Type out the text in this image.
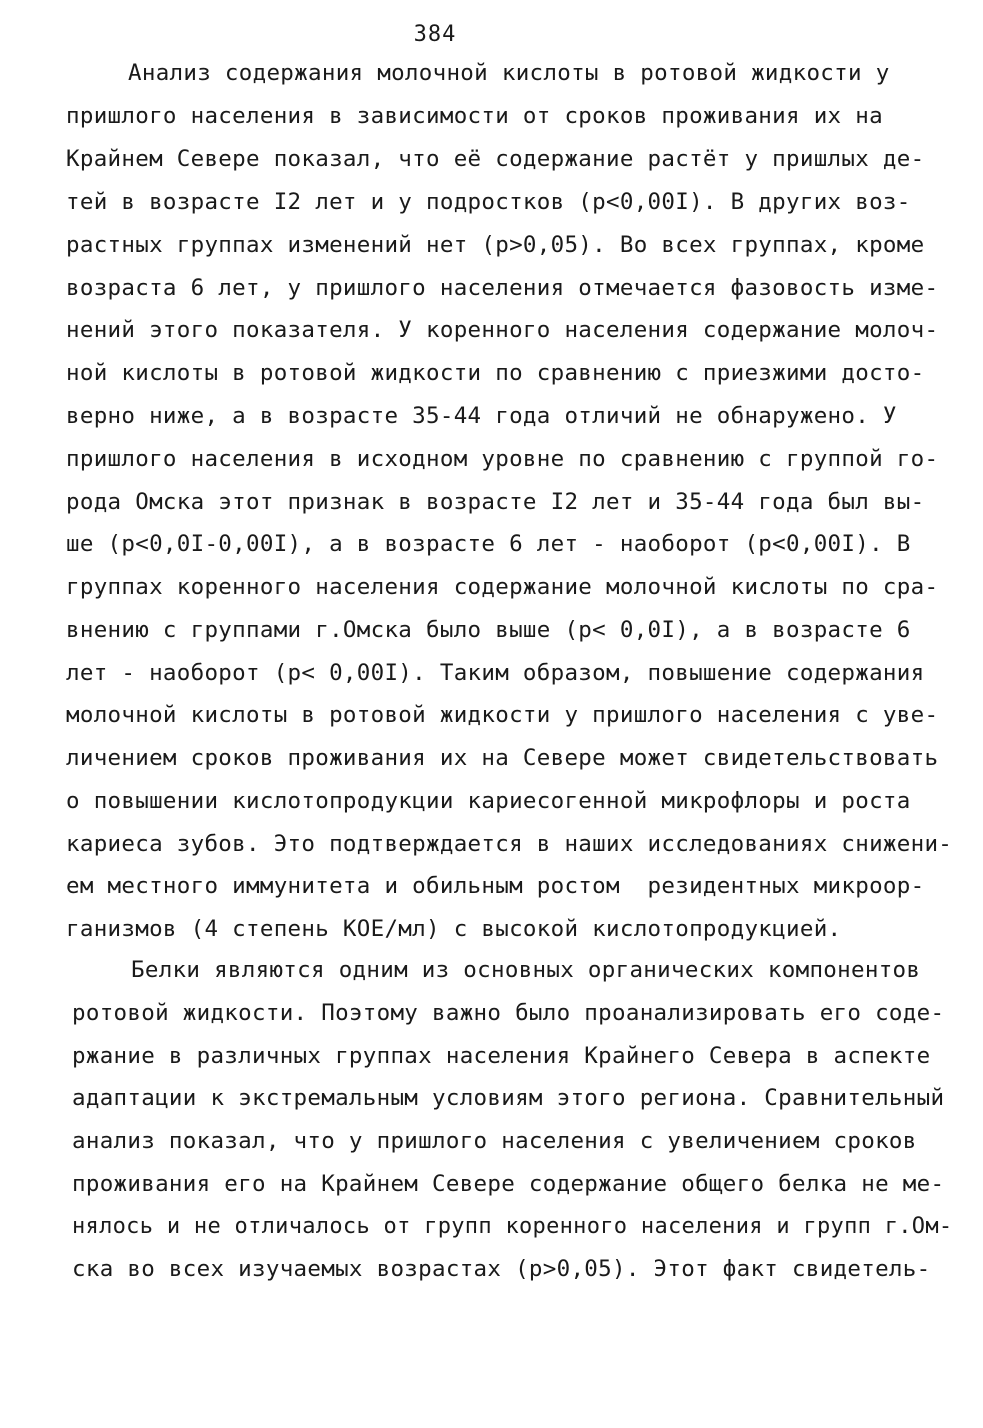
384
Анализ содержания молочной кислоты в ротовой жидкости у
пришлого населения в зависимости от сроков проживания их на
Крайнем Севере показал, что её содержание растёт у пришлых де-
тей в возрасте I2 лет и у подростков (p<0,00I). В других воз-
растных группах изменений нет (p>0,05). Во всех группах, кроме
возраста 6 лет, у пришлого населения отмечается фазовость изме-
нений этого показателя. У коренного населения содержание молоч-
ной кислоты в ротовой жидкости по сравнению с приезжими досто-
верно ниже, а в возрасте 35-44 года отличий не обнаружено. У
пришлого населения в исходном уровне по сравнению с группой го-
рода Омска этот признак в возрасте I2 лет и 35-44 года был вы-
ше (p<0,0I-0,00I), а в возрасте 6 лет - наоборот (p<0,00I). В
группах коренного населения содержание молочной кислоты по сра-
внению с группами г.Омска было выше (p< 0,0I), а в возрасте 6
лет - наоборот (p< 0,00I). Таким образом, повышение содержания
молочной кислоты в ротовой жидкости у пришлого населения с уве-
личением сроков проживания их на Севере может свидетельствовать
о повышении кислотопродукции кариесогенной микрофлоры и роста
кариеса зубов. Это подтверждается в наших исследованиях снижени-
ем местного иммунитета и обильным ростом  резидентных микроор-
ганизмов (4 степень КОЕ/мл) с высокой кислотопродукцией.
Белки являются одним из основных органических компонентов
ротовой жидкости. Поэтому важно было проанализировать его соде-
ржание в различных группах населения Крайнего Севера в аспекте
адаптации к экстремальным условиям этого региона. Сравнительный
анализ показал, что у пришлого населения с увеличением сроков
проживания его на Крайнем Севере содержание общего белка не ме-
нялось и не отличалось от групп коренного населения и групп г.Ом-
ска во всех изучаемых возрастах (p>0,05). Этот факт свидетель-
